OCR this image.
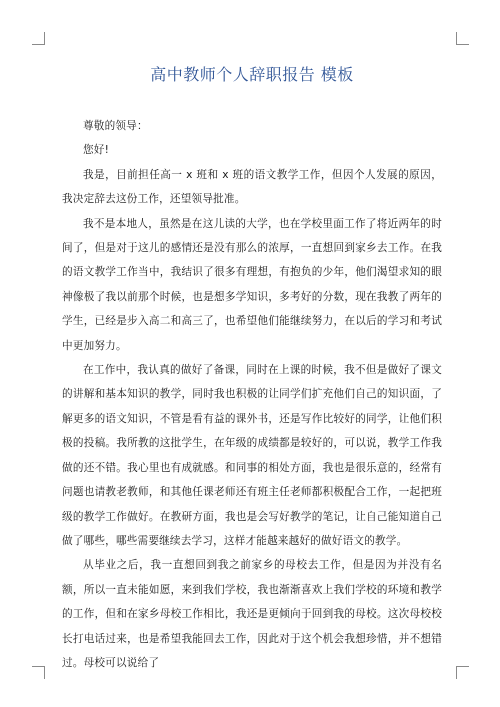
高中教师个人辞职报告 模板

尊敬的领导：

您好!

我是，目前担任高一 x 班和 x 班的语文教学工作，但因个人发展的原因，我决定辞去这份工作，还望领导批准。

我不是本地人，虽然是在这儿读的大学，也在学校里面工作了将近两年的时间了，但是对于这儿的感情还是没有那么的浓厚，一直想回到家乡去工作。在我的语文教学工作当中，我结识了很多有理想，有抱负的少年，他们渴望求知的眼神像极了我以前那个时候，也是想多学知识，多考好的分数，现在我教了两年的学生，已经是步入高二和高三了，也希望他们能继续努力，在以后的学习和考试中更加努力。

在工作中，我认真的做好了备课，同时在上课的时候，我不但是做好了课文的讲解和基本知识的教学，同时我也积极的让同学们扩充他们自己的知识面，了解更多的语文知识，不管是看有益的课外书，还是写作比较好的同学，让他们积极的投稿。我所教的这批学生，在年级的成绩都是较好的，可以说，教学工作我做的还不错。我心里也有成就感。和同事的相处方面，我也是很乐意的，经常有问题也请教老教师，和其他任课老师还有班主任老师都积极配合工作，一起把班级的教学工作做好。在教研方面，我也是会写好教学的笔记，让自己能知道自己做了哪些，哪些需要继续去学习，这样才能越来越好的做好语文的教学。

从毕业之后，我一直想回到我之前家乡的母校去工作，但是因为并没有名额，所以一直未能如愿，来到我们学校，我也渐渐喜欢上我们学校的环境和教学的工作，但和在家乡母校工作相比，我还是更倾向于回到我的母校。这次母校校长打电话过来，也是希望我能回去工作，因此对于这个机会我想珍惜，并不想错过。母校可以说给了
